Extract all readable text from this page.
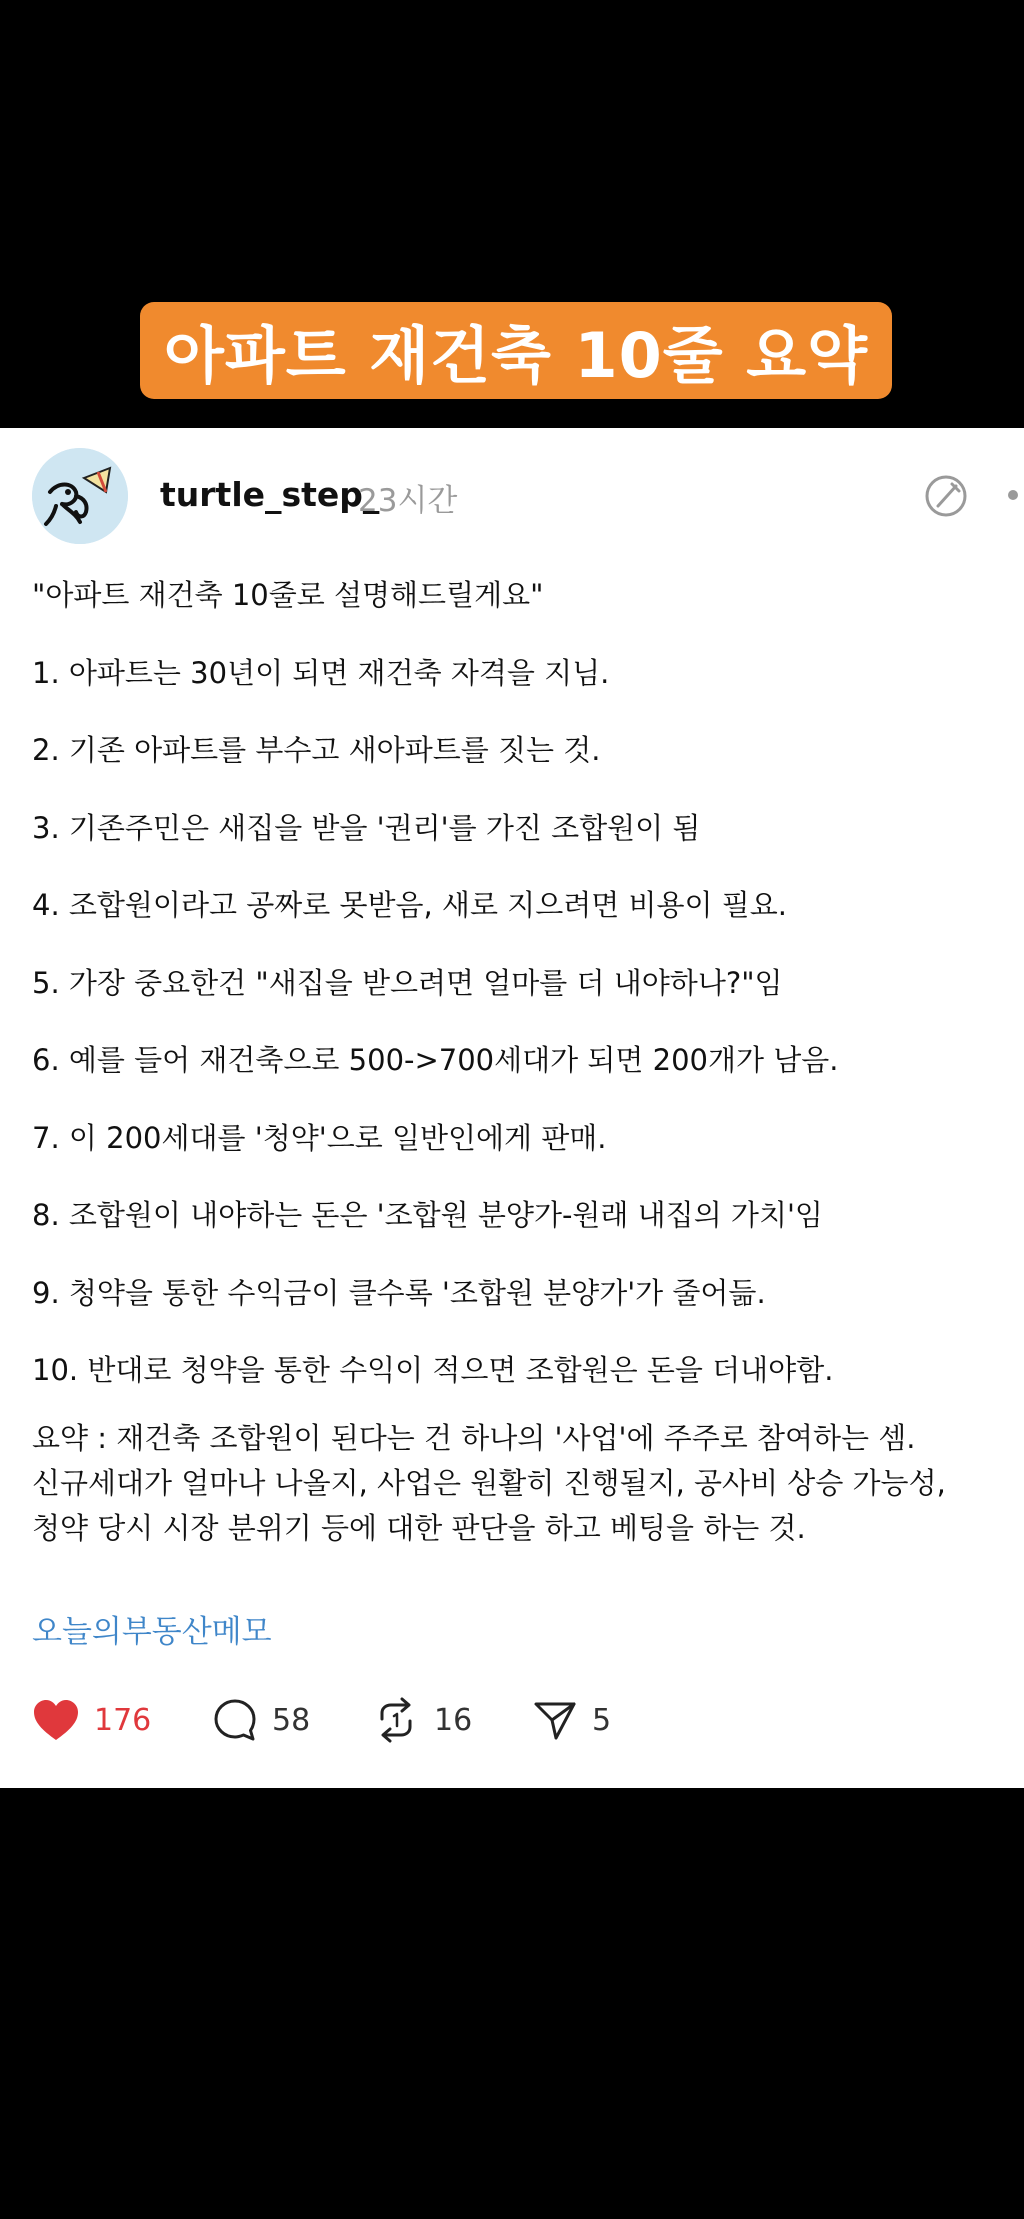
아파트 재건축 10줄 요약
turtle_step_
23시간
"아파트 재건축 10줄로 설명해드릴게요"
1. 아파트는 30년이 되면 재건축 자격을 지님.
2. 기존 아파트를 부수고 새아파트를 짓는 것.
3. 기존주민은 새집을 받을 '권리'를 가진 조합원이 됨
4. 조합원이라고 공짜로 못받음, 새로 지으려면 비용이 필요.
5. 가장 중요한건 "새집을 받으려면 얼마를 더 내야하나?"임
6. 예를 들어 재건축으로 500->700세대가 되면 200개가 남음.
7. 이 200세대를 '청약'으로 일반인에게 판매.
8. 조합원이 내야하는 돈은 '조합원 분양가-원래 내집의 가치'임
9. 청약을 통한 수익금이 클수록 '조합원 분양가'가 줄어듦.
10. 반대로 청약을 통한 수익이 적으면 조합원은 돈을 더내야함.
요약 : 재건축 조합원이 된다는 건 하나의 '사업'에 주주로 참여하는 셈.
신규세대가 얼마나 나올지, 사업은 원활히 진행될지, 공사비 상승 가능성,
청약 당시 시장 분위기 등에 대한 판단을 하고 베팅을 하는 것.
오늘의부동산메모
176	58	16	5
